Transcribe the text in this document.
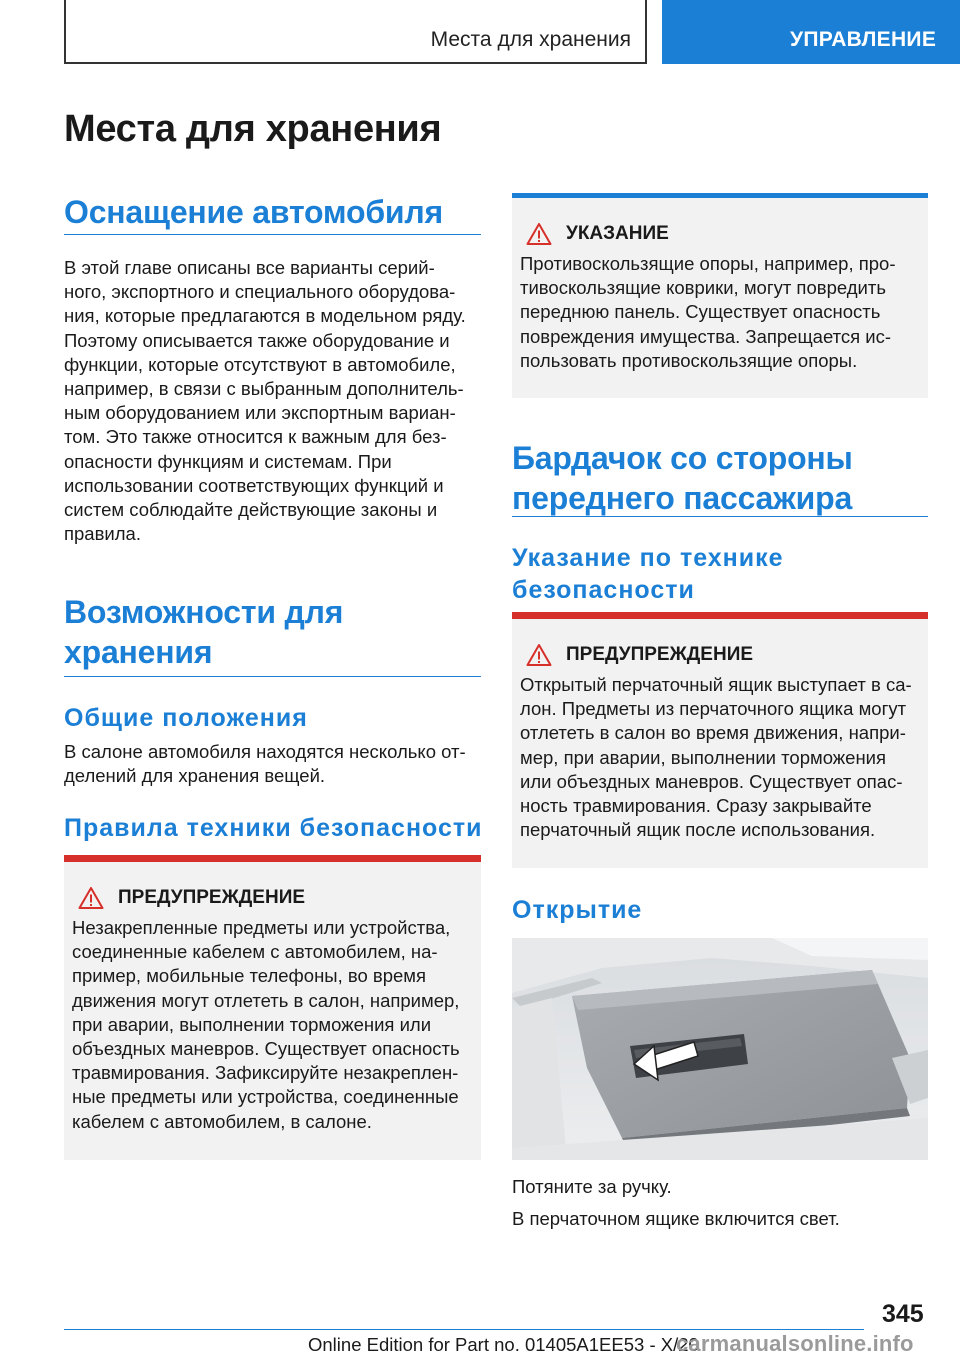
Места для хранения	УПРАВЛЕНИЕ
Места для хранения
Оснащение автомобиля

В этой главе описаны все варианты серий-
ного, экспортного и специального оборудова-
ния, которые предлагаются в модельном ряду.
Поэтому описывается также оборудование и
функции, которые отсутствуют в автомобиле,
например, в связи с выбранным дополнитель-
ным оборудованием или экспортным вариан-
том. Это также относится к важным для без-
опасности функциям и системам. При
использовании соответствующих функций и
систем соблюдайте действующие законы и
правила.

Возможности для
хранения
Общие положения

В салоне автомобиля находятся несколько от-
делений для хранения вещей.

Правила техники безопасности
ПРЕДУПРЕЖДЕНИЕ

Незакрепленные предметы или устройства,
соединенные кабелем с автомобилем, на-
пример, мобильные телефоны, во время
движения могут отлететь в салон, например,
при аварии, выполнении торможения или
объездных маневров. Существует опасность
травмирования. Зафиксируйте незакреплен-
ные предметы или устройства, соединенные
кабелем с автомобилем, в салоне.

УКАЗАНИЕ

Противоскользящие опоры, например, про-
тивоскользящие коврики, могут повредить
переднюю панель. Существует опасность
повреждения имущества. Запрещается ис-
пользовать противоскользящие опоры.

Бардачок со стороны
переднего пассажира
Указание по технике
безопасности
ПРЕДУПРЕЖДЕНИЕ

Открытый перчаточный ящик выступает в са-
лон. Предметы из перчаточного ящика могут
отлететь в салон во время движения, напри-
мер, при аварии, выполнении торможения
или объездных маневров. Существует опас-
ность травмирования. Сразу закрывайте
перчаточный ящик после использования.

Открытие

Потяните за ручку.

В перчаточном ящике включится свет.

345
Online Edition for Part no. 01405A1EE53 - X/20
carmanualsonline.info
